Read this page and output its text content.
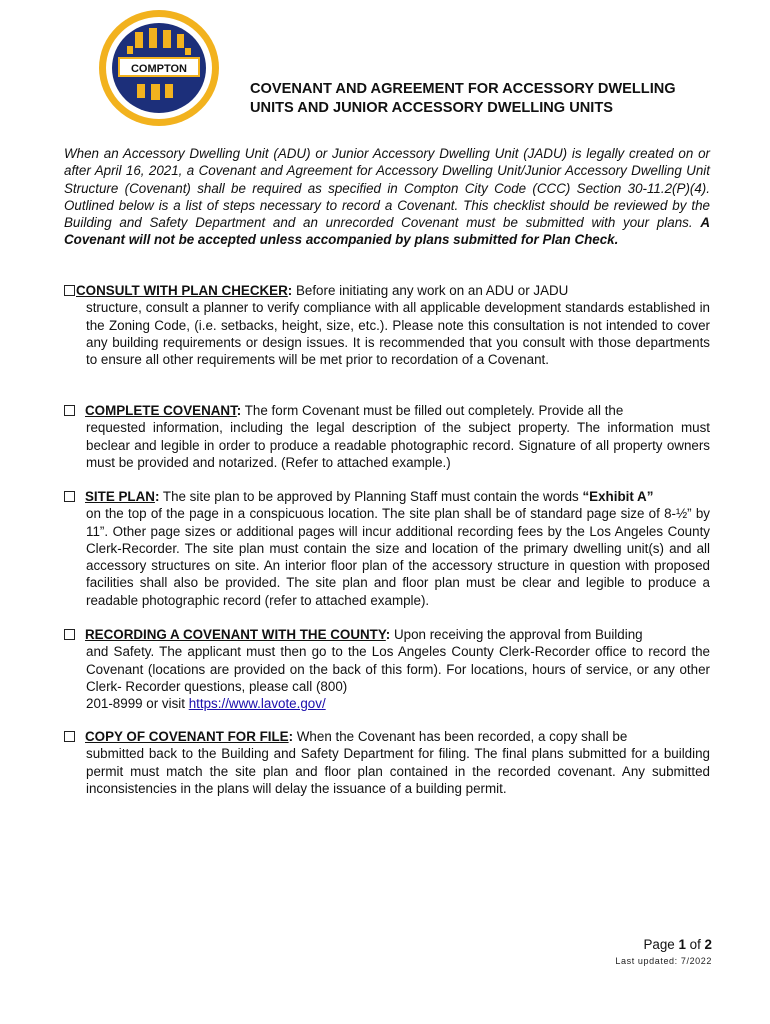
COMPTON
COVENANT AND AGREEMENT FOR ACCESSORY DWELLING
UNITS AND JUNIOR ACCESSORY DWELLING UNITS
When an Accessory Dwelling Unit (ADU) or Junior Accessory Dwelling Unit (JADU) is legally created on or after April 16, 2021, a Covenant and Agreement for Accessory Dwelling Unit/Junior Accessory Dwelling Unit Structure (Covenant) shall be required as specified in Compton City Code (CCC) Section 30-11.2(P)(4). Outlined below is a list of steps necessary to record a Covenant. This checklist should be reviewed by the Building and Safety Department and an unrecorded Covenant must be submitted with your plans. A Covenant will not be accepted unless accompanied by plans submitted for Plan Check.
CONSULT WITH PLAN CHECKER: Before initiating any work on an ADU or JADU
structure, consult a planner to verify compliance with all applicable development standards established in the Zoning Code, (i.e. setbacks, height, size, etc.). Please note this consultation is not intended to cover any building requirements or design issues. It is recommended that you consult with those departments to ensure all other requirements will be met prior to recordation of a Covenant.
COMPLETE COVENANT: The form Covenant must be filled out completely. Provide all the
requested information, including the legal description of the subject property. The information must beclear and legible in order to produce a readable photographic record. Signature of all property owners must be provided and notarized. (Refer to attached example.)
SITE PLAN: The site plan to be approved by Planning Staff must contain the words “Exhibit A”
on the top of the page in a conspicuous location. The site plan shall be of standard page size of 8-½” by 11”. Other page sizes or additional pages will incur additional recording fees by the Los Angeles County Clerk-Recorder. The site plan must contain the size and location of the primary dwelling unit(s) and all accessory structures on site. An interior floor plan of the accessory structure in question with proposed facilities shall also be provided. The site plan and floor plan must be clear and legible to produce a readable photographic record (refer to attached example).
RECORDING A COVENANT WITH THE COUNTY: Upon receiving the approval from Building
and Safety. The applicant must then go to the Los Angeles County Clerk-Recorder office to record the Covenant (locations are provided on the back of this form). For locations, hours of service, or any other Clerk- Recorder questions, please call (800)
201-8999 or visit https://www.lavote.gov/
COPY OF COVENANT FOR FILE: When the Covenant has been recorded, a copy shall be
submitted back to the Building and Safety Department for filing. The final plans submitted for a building permit must match the site plan and floor plan contained in the recorded covenant. Any submitted inconsistencies in the plans will delay the issuance of a building permit.
Page 1 of 2
Last updated: 7/2022
